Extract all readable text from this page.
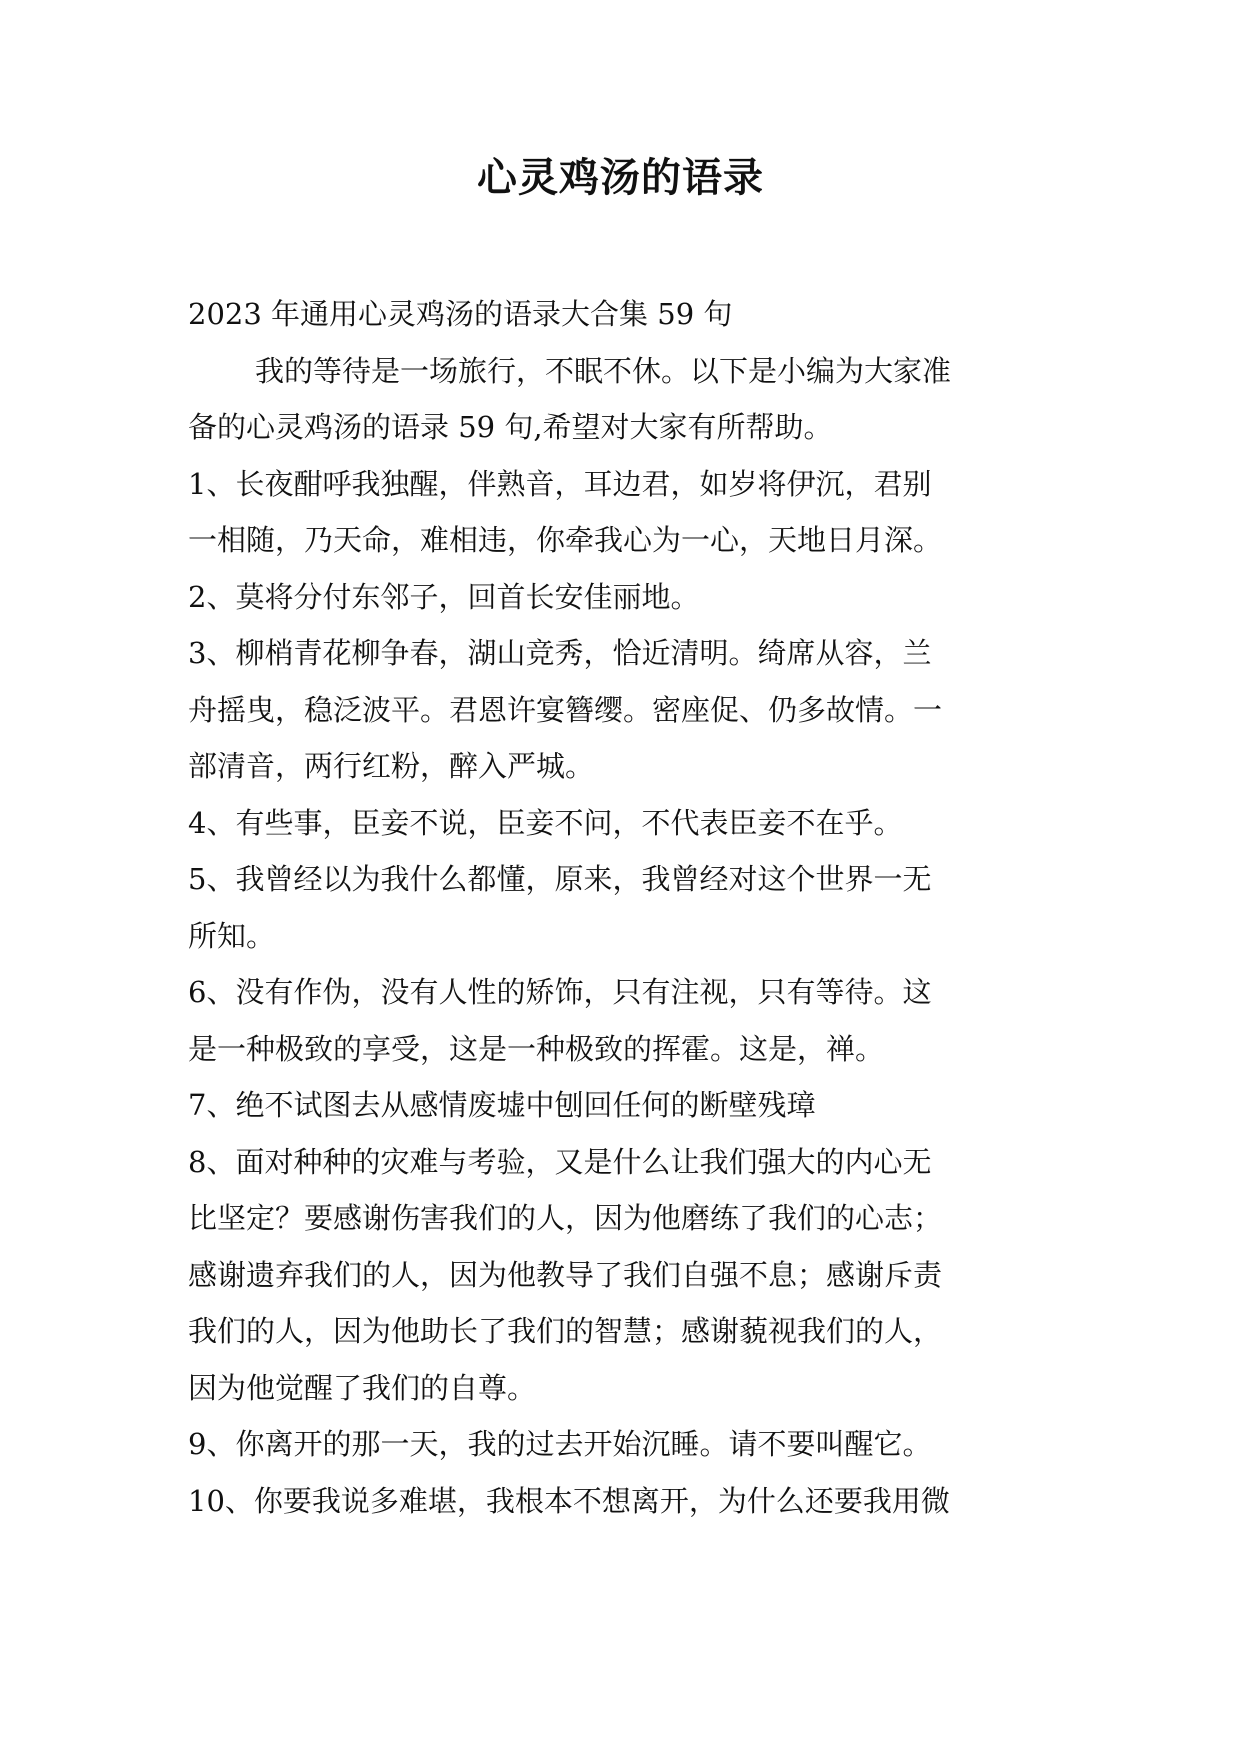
心灵鸡汤的语录
2023 年通用心灵鸡汤的语录大合集 59 句
我的等待是一场旅行，不眠不休。以下是小编为大家准
备的心灵鸡汤的语录 59 句,希望对大家有所帮助。
1、长夜酣呼我独醒，伴熟音，耳边君，如岁将伊沉，君别
一相随，乃天命，难相违，你牵我心为一心，天地日月深。
2、莫将分付东邻子，回首长安佳丽地。
3、柳梢青花柳争春，湖山竞秀，恰近清明。绮席从容，兰
舟摇曳，稳泛波平。君恩许宴簪缨。密座促、仍多故情。一
部清音，两行红粉，醉入严城。
4、有些事，臣妾不说，臣妾不问，不代表臣妾不在乎。
5、我曾经以为我什么都懂，原来，我曾经对这个世界一无
所知。
6、没有作伪，没有人性的矫饰，只有注视，只有等待。这
是一种极致的享受，这是一种极致的挥霍。这是，禅。
7、绝不试图去从感情废墟中刨回任何的断壁残璋
8、面对种种的灾难与考验，又是什么让我们强大的内心无
比坚定？要感谢伤害我们的人，因为他磨练了我们的心志；
感谢遗弃我们的人，因为他教导了我们自强不息；感谢斥责
我们的人，因为他助长了我们的智慧；感谢藐视我们的人，
因为他觉醒了我们的自尊。
9、你离开的那一天，我的过去开始沉睡。请不要叫醒它。
10、你要我说多难堪，我根本不想离开，为什么还要我用微
